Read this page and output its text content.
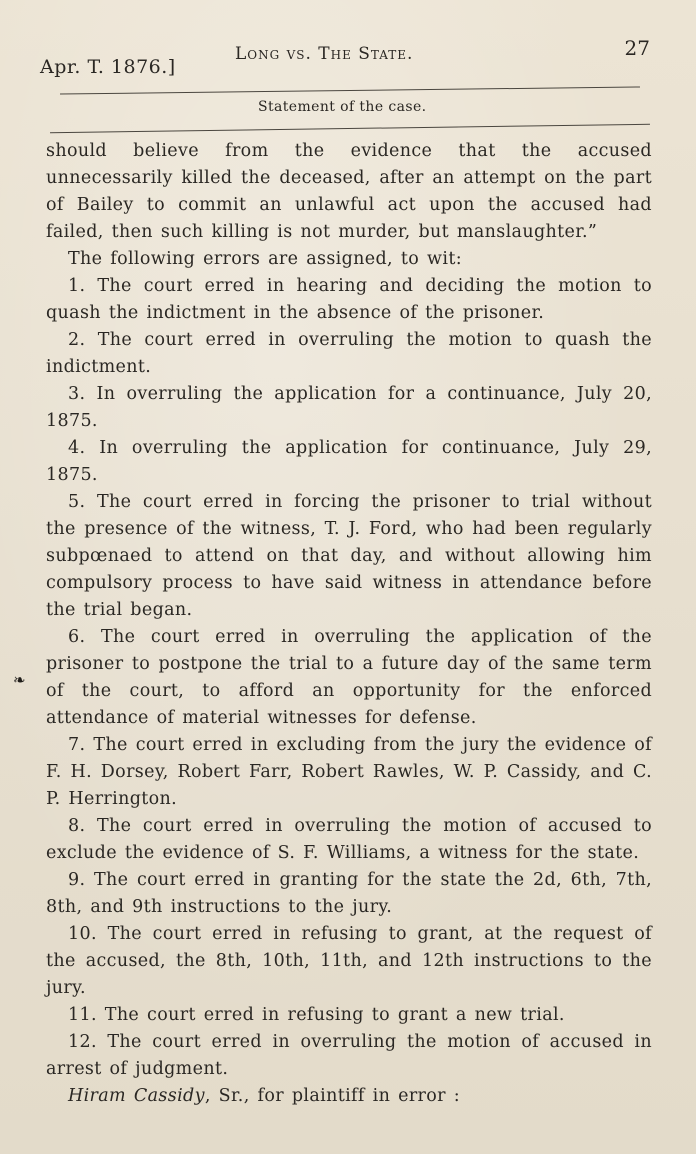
Apr. T. 1876.]
Long vs. The State.	27
Statement of the case.
❧

should believe from the evidence that the accused unnecessarily killed the deceased, after an attempt on the part of Bailey to commit an unlawful act upon the accused had failed, then such killing is not murder, but manslaughter.”

The following errors are assigned, to wit:

1. The court erred in hearing and deciding the motion to quash the indictment in the absence of the prisoner.

2. The court erred in overruling the motion to quash the indictment.

3. In overruling the application for a continuance, July 20, 1875.

4. In overruling the application for continuance, July 29, 1875.

5. The court erred in forcing the prisoner to trial without the presence of the witness, T. J. Ford, who had been regularly subpœnaed to attend on that day, and without allowing him compulsory process to have said witness in attendance before the trial began.

6. The court erred in overruling the application of the prisoner to postpone the trial to a future day of the same term of the court, to afford an opportunity for the enforced attendance of material witnesses for defense.

7. The court erred in excluding from the jury the evidence of F. H. Dorsey, Robert Farr, Robert Rawles, W. P. Cassidy, and C. P. Herrington.

8. The court erred in overruling the motion of accused to exclude the evidence of S. F. Williams, a witness for the state.

9. The court erred in granting for the state the 2d, 6th, 7th, 8th, and 9th instructions to the jury.

10. The court erred in refusing to grant, at the request of the accused, the 8th, 10th, 11th, and 12th instructions to the jury.

11. The court erred in refusing to grant a new trial.

12. The court erred in overruling the motion of accused in arrest of judgment.

Hiram Cassidy, Sr., for plaintiff in error :
